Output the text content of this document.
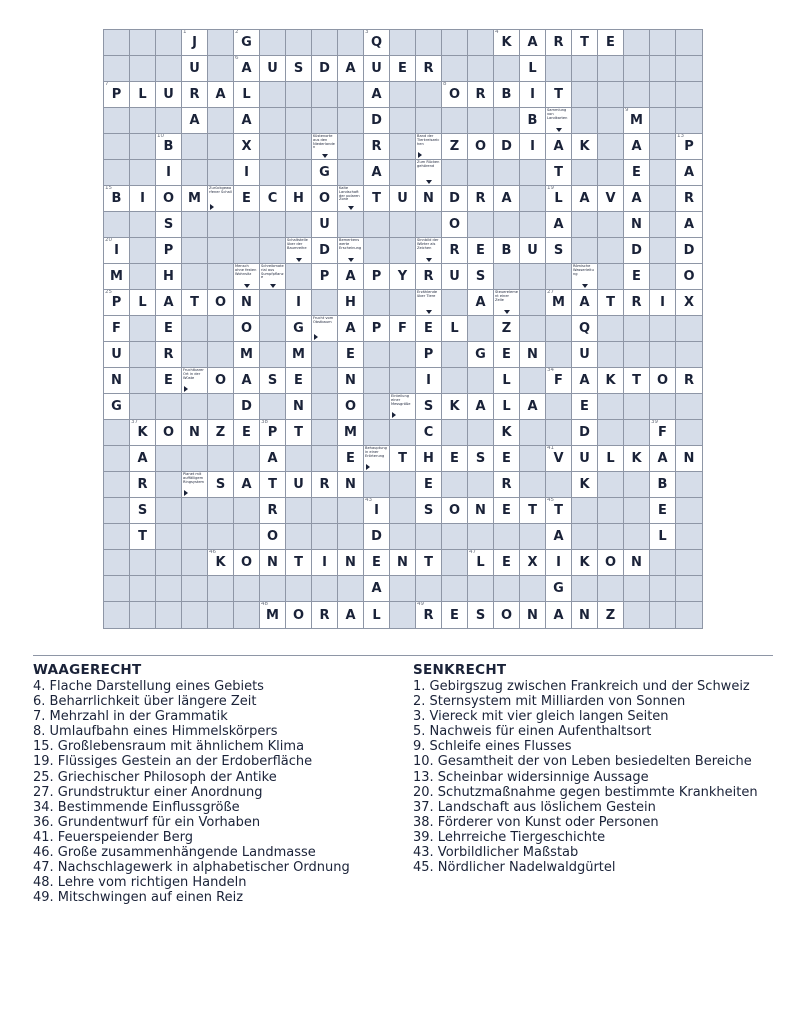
J
1
G
2
Q
3
K
4
A	R	T	E
U	A
6
U	S	D	A	U	E	R	L
P
7
L	U	R	A	L	A	O
8
R	B	I	T
A	A	D	B
Sammlung von Landkarten	M
9
B
10
X
Küstenorte aus den Niederlanden	R
Band der Tierkreiszeichen	Z	O	D	I	A	K	A	P
13
I	I	G	A
Zum Rücken gehörend	T	E	A
B
15
I	O	M
Zurückgeworfener Schall E	C	H	O
Kalte Landschaft der polaren Zone	T	U	N	D	R	A	L
19
A	V	A	R
S	U	O	A	N	A
I
20
P
Schaltstelle über der Baumreihe D
Bemerkenswerte Erscheinung
Sinnbild der Wörter als Zeichen	R	E	B	U	S	D	D
M	H
Mensch ohne festen Wohnsitz
Schreibmaterial aus Sumpfpflanze	P	A	P	Y	R	U	S
Römische Wasserleitung	E	O
P
25
L	A	T	O	N	I	H
Erzählende über Tiere	A
Steuerelement einer Zelle	M
27
A	T	R	I	X
F	E	O	G
Frucht vom Obstbaum	A	P	F	E	L	Z	Q
U	R	M	M	E	P	G	E	N	U
N	E
Fruchtbarer Ort in der Wüste	O	A	S	E	N	I	L	F
34
A	K	T	O	R
G	D	N	O
Einteilung einer Messgröße	S	K	A	L	A	E
K
37
O	N	Z	E	P
38
T	M	C	K	D	F
39
A	A	E
Behauptung in einer Erörterung	T	H	E	S	E	V
41
U	L	K	A	N
R
Planet mit auffälligem Ringsystem S	A	T	U	R	N	E	R	K	B
S	R	I
43
S	O	N	E	T	T
45
E
T	O	D	A	L
K
46
O	N	T	I	N	E	N	T	L
47
E	X	I	K	O	N
A	G
M
48
O	R	A	L	R
49
E	S	O	N	A	N	Z
WAAGERECHT
4. Flache Darstellung eines Gebiets
6. Beharrlichkeit über längere Zeit
7. Mehrzahl in der Grammatik
8. Umlaufbahn eines Himmelskörpers
15. Großlebensraum mit ähnlichem Klima
19. Flüssiges Gestein an der Erdoberfläche
25. Griechischer Philosoph der Antike
27. Grundstruktur einer Anordnung
34. Bestimmende Einflussgröße
36. Grundentwurf für ein Vorhaben
41. Feuerspeiender Berg
46. Große zusammenhängende Landmasse
47. Nachschlagewerk in alphabetischer Ordnung
48. Lehre vom richtigen Handeln
49. Mitschwingen auf einen Reiz
SENKRECHT
1. Gebirgszug zwischen Frankreich und der Schweiz
2. Sternsystem mit Milliarden von Sonnen
3. Viereck mit vier gleich langen Seiten
5. Nachweis für einen Aufenthaltsort
9. Schleife eines Flusses
10. Gesamtheit der von Leben besiedelten Bereiche
13. Scheinbar widersinnige Aussage
20. Schutzmaßnahme gegen bestimmte Krankheiten
37. Landschaft aus löslichem Gestein
38. Förderer von Kunst oder Personen
39. Lehrreiche Tiergeschichte
43. Vorbildlicher Maßstab
45. Nördlicher Nadelwaldgürtel
